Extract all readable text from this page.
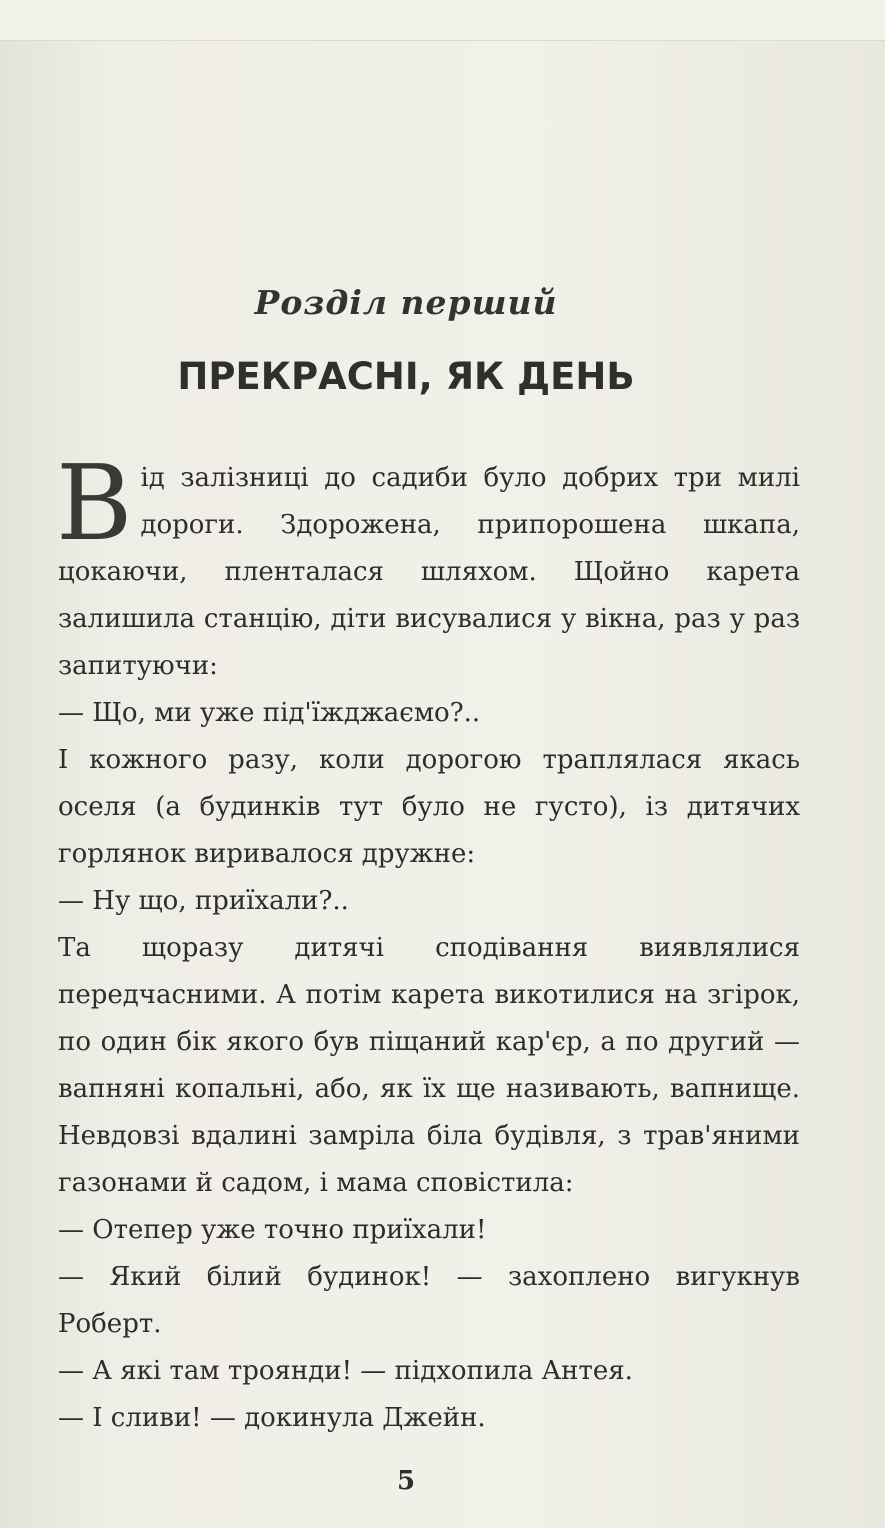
Розділ перший
ПРЕКРАСНІ, ЯК ДЕНЬ

Від залізниці до садиби було добрих три милі дороги. Здорожена, припорошена шкапа, цокаючи, плентaлася шляхом. Щойно карета залишила станцію, діти висувалися у вікна, раз у раз запитуючи:

— Що, ми уже під'їжджаємо?..

І кожного разу, коли дорогою траплялася якась оселя (а будинків тут було не густо), із дитячих горлянок виривалося дружне:

— Ну що, приїхали?..

Та щоразу дитячі сподівання виявлялися передчасними. А потім карета викотилися на згірок, по один бік якого був піщаний кар'єр, а по другий — вапняні копальні, або, як їх ще називають, вапнище. Невдовзі вдалині замріла біла будівля, з трав'яними газонами й садом, і мама сповістила:

— Отепер уже точно приїхали!

— Який білий будинок! — захоплено вигукнув Роберт.

— А які там троянди! — підхопила Антея.

— І сливи! — докинула Джейн.

5
